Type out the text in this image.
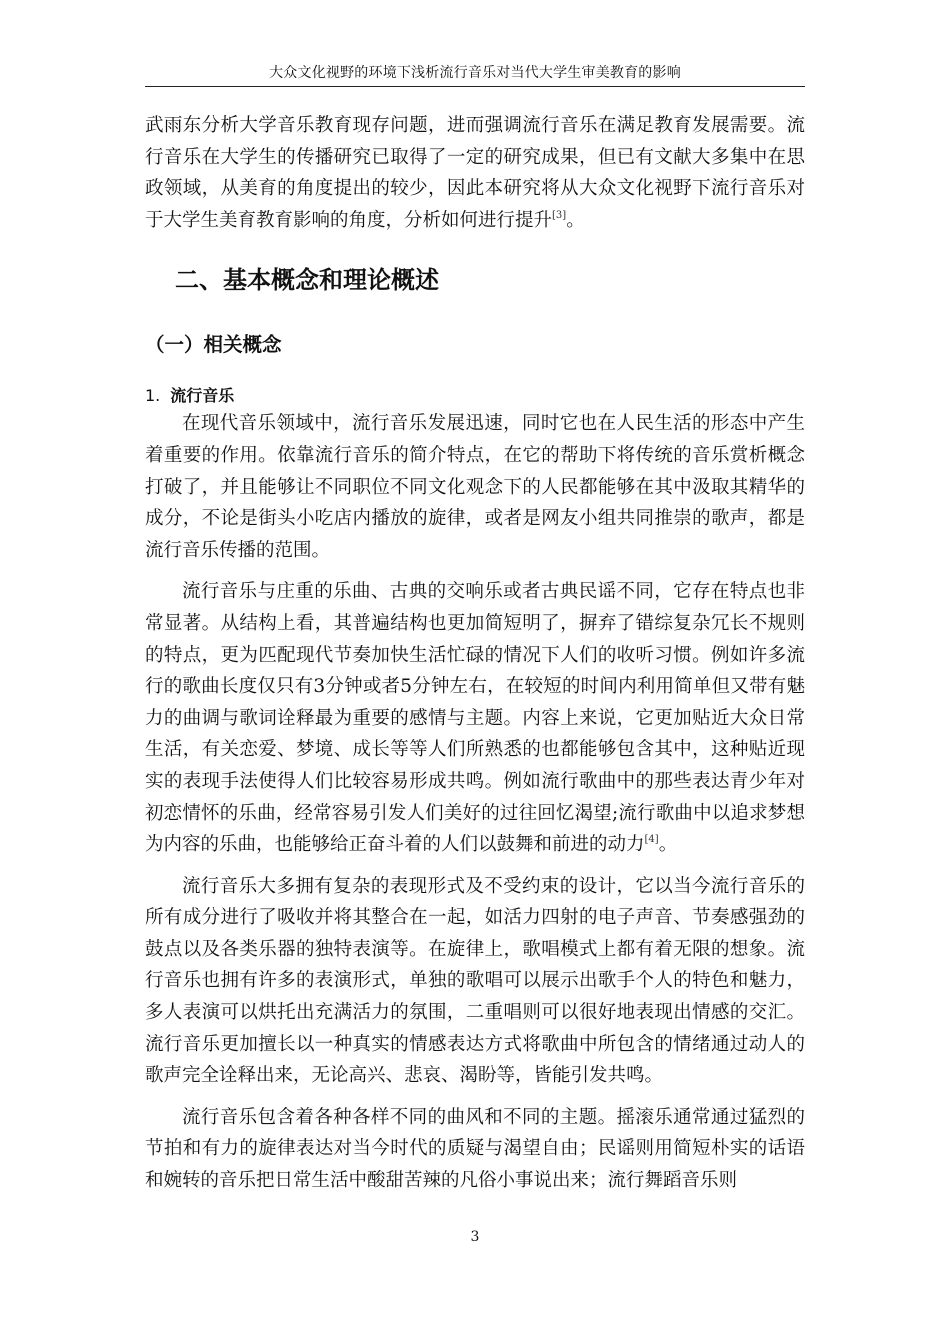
大众文化视野的环境下浅析流行音乐对当代大学生审美教育的影响

武雨东分析大学音乐教育现存问题，进而强调流行音乐在满足教育发展需要。流行音乐在大学生的传播研究已取得了一定的研究成果，但已有文献大多集中在思政领域，从美育的角度提出的较少，因此本研究将从大众文化视野下流行音乐对于大学生美育教育影响的角度，分析如何进行提升[3]。

二、基本概念和理论概述
（一）相关概念
1. 流行音乐

在现代音乐领域中，流行音乐发展迅速，同时它也在人民生活的形态中产生着重要的作用。依靠流行音乐的简介特点，在它的帮助下将传统的音乐赏析概念打破了，并且能够让不同职位不同文化观念下的人民都能够在其中汲取其精华的成分，不论是街头小吃店内播放的旋律，或者是网友小组共同推崇的歌声，都是流行音乐传播的范围。

流行音乐与庄重的乐曲、古典的交响乐或者古典民谣不同，它存在特点也非常显著。从结构上看，其普遍结构也更加简短明了，摒弃了错综复杂冗长不规则的特点，更为匹配现代节奏加快生活忙碌的情况下人们的收听习惯。例如许多流行的歌曲长度仅只有3分钟或者5分钟左右，在较短的时间内利用简单但又带有魅力的曲调与歌词诠释最为重要的感情与主题。内容上来说，它更加贴近大众日常生活，有关恋爱、梦境、成长等等人们所熟悉的也都能够包含其中，这种贴近现实的表现手法使得人们比较容易形成共鸣。例如流行歌曲中的那些表达青少年对初恋情怀的乐曲，经常容易引发人们美好的过往回忆渴望;流行歌曲中以追求梦想为内容的乐曲，也能够给正奋斗着的人们以鼓舞和前进的动力[4]。

流行音乐大多拥有复杂的表现形式及不受约束的设计，它以当今流行音乐的所有成分进行了吸收并将其整合在一起，如活力四射的电子声音、节奏感强劲的鼓点以及各类乐器的独特表演等。在旋律上，歌唱模式上都有着无限的想象。流行音乐也拥有许多的表演形式，单独的歌唱可以展示出歌手个人的特色和魅力，多人表演可以烘托出充满活力的氛围，二重唱则可以很好地表现出情感的交汇。流行音乐更加擅长以一种真实的情感表达方式将歌曲中所包含的情绪通过动人的歌声完全诠释出来，无论高兴、悲哀、渴盼等，皆能引发共鸣。

流行音乐包含着各种各样不同的曲风和不同的主题。摇滚乐通常通过猛烈的节拍和有力的旋律表达对当今时代的质疑与渴望自由；民谣则用简短朴实的话语和婉转的音乐把日常生活中酸甜苦辣的凡俗小事说出来；流行舞蹈音乐则

3
